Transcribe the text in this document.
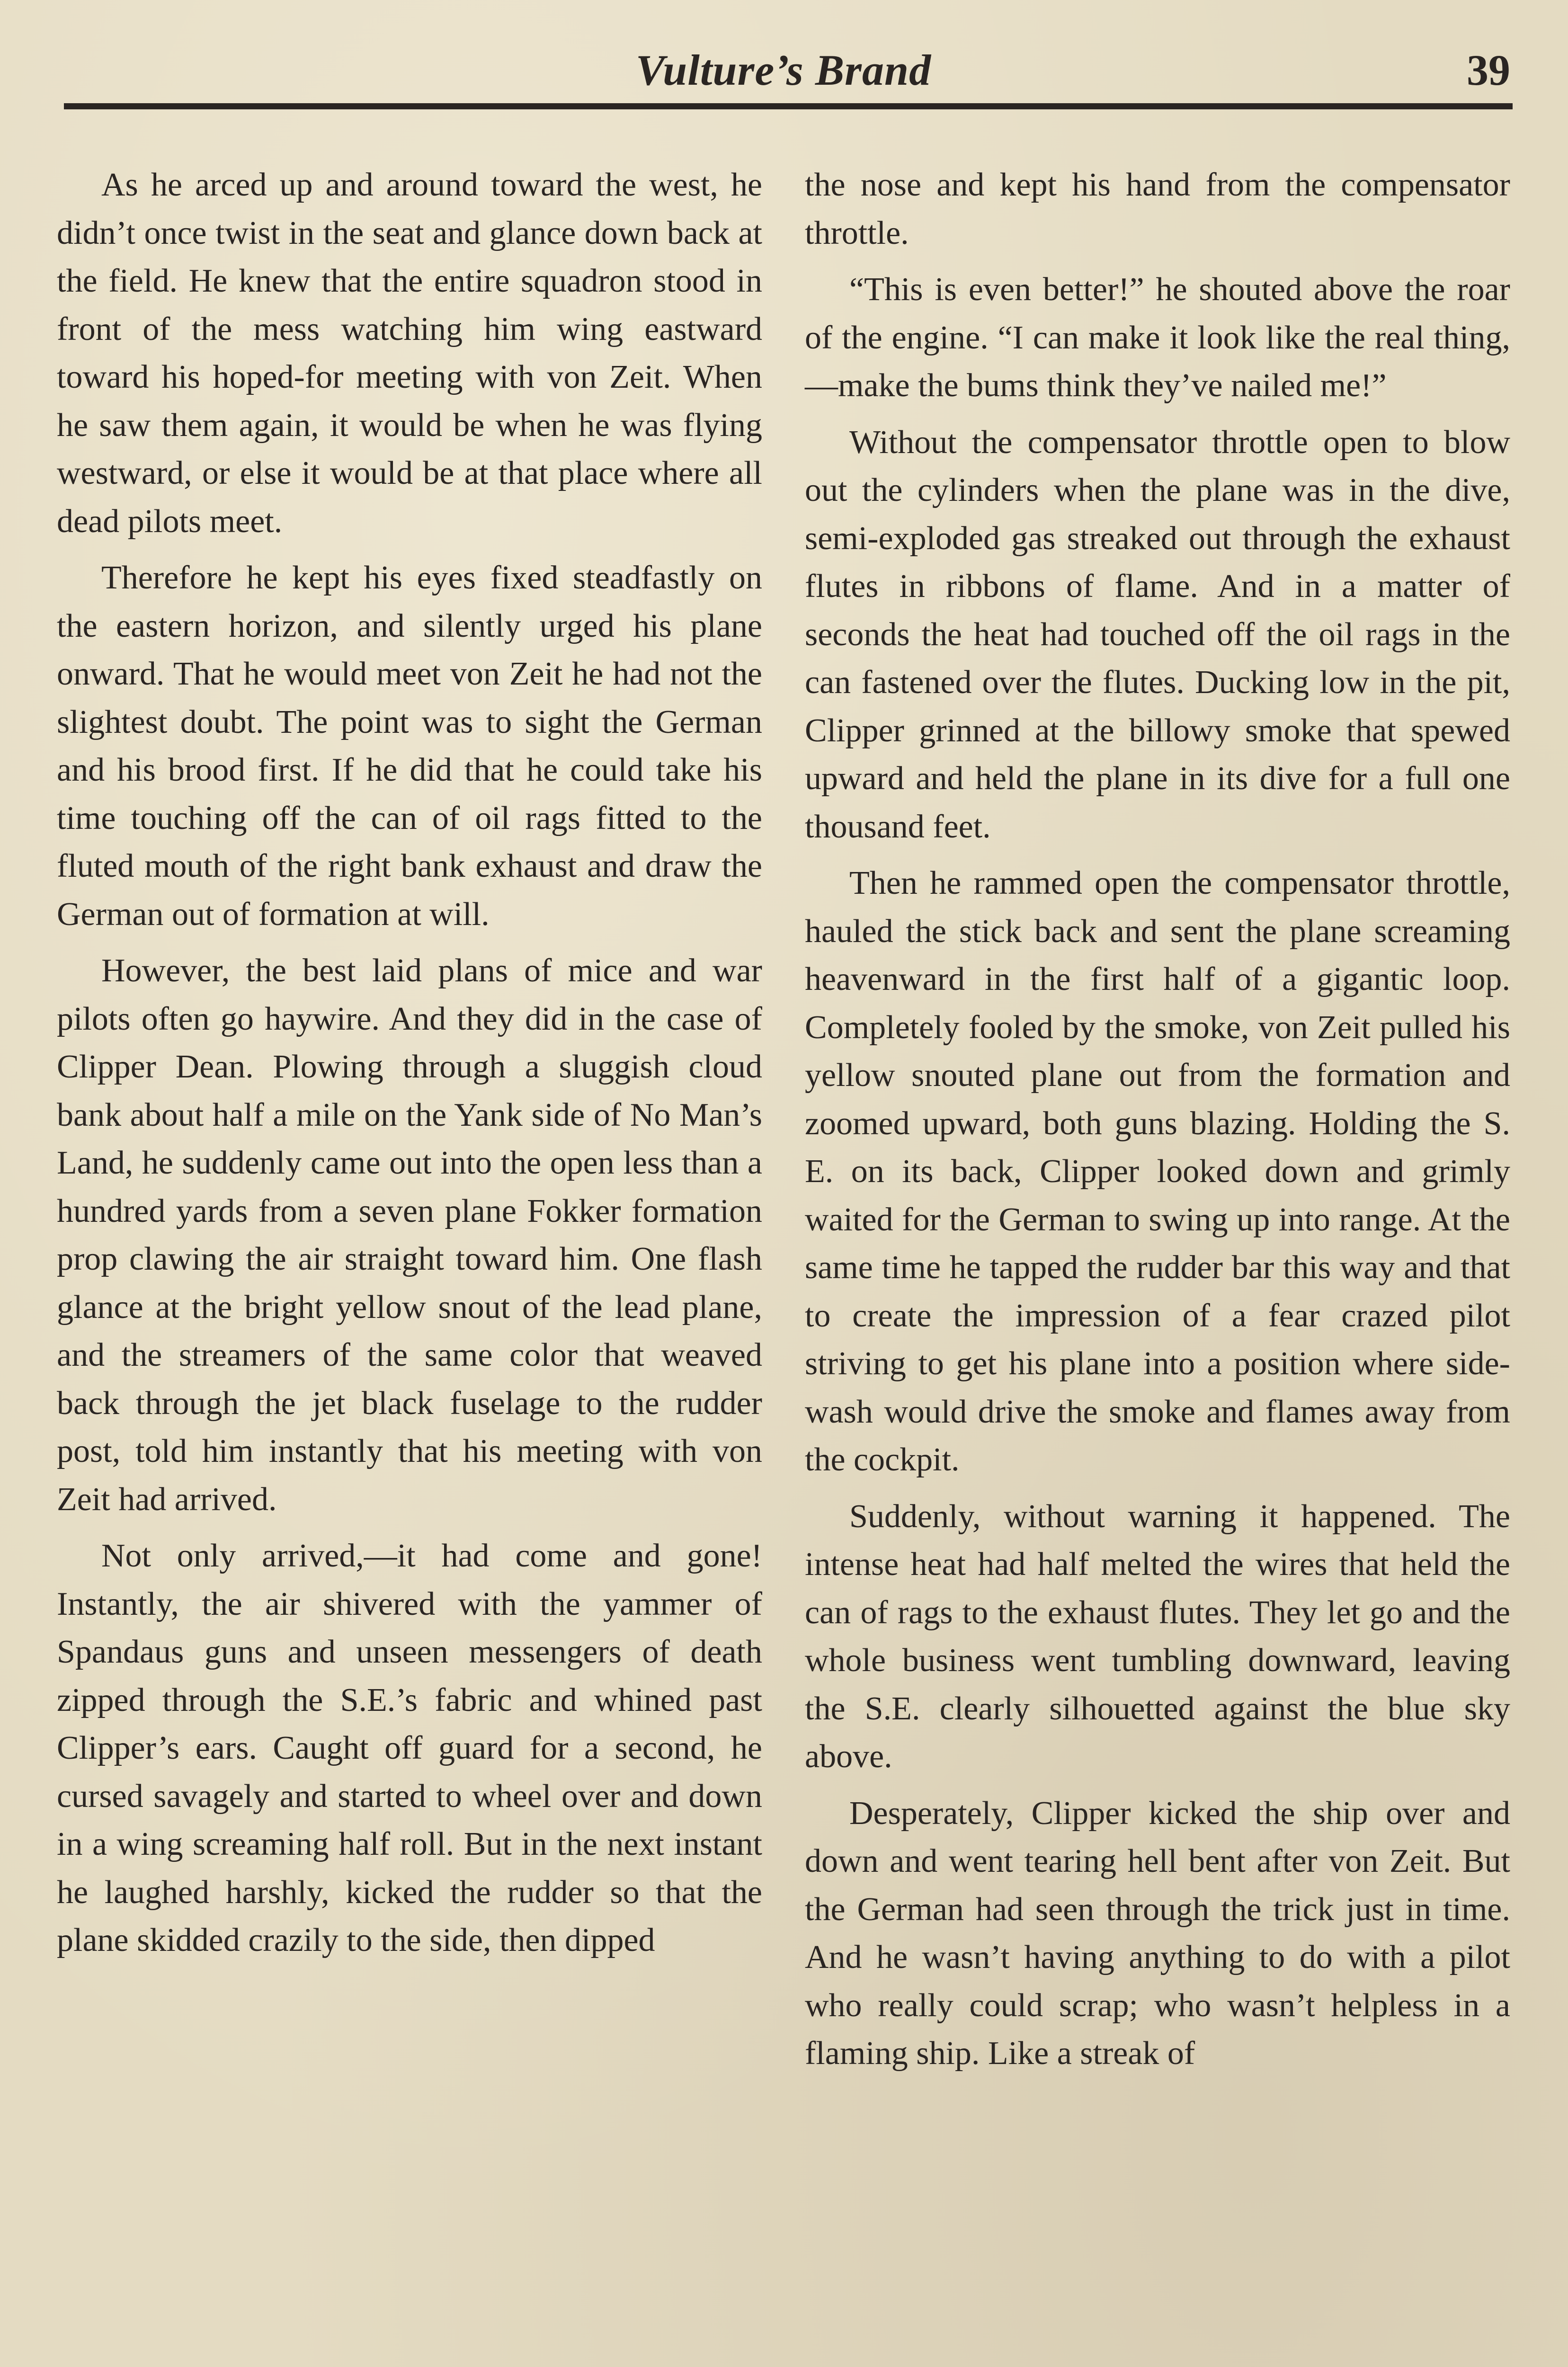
Vulture’s Brand	39

As he arced up and around toward the west, he didn’t once twist in the seat and glance down back at the field. He knew that the entire squadron stood in front of the mess watching him wing eastward toward his hoped-for meeting with von Zeit. When he saw them again, it would be when he was flying westward, or else it would be at that place where all dead pilots meet.

Therefore he kept his eyes fixed steadfastly on the eastern horizon, and silently urged his plane onward. That he would meet von Zeit he had not the slightest doubt. The point was to sight the German and his brood first. If he did that he could take his time touching off the can of oil rags fitted to the fluted mouth of the right bank exhaust and draw the German out of formation at will.

However, the best laid plans of mice and war pilots often go haywire. And they did in the case of Clipper Dean. Plowing through a sluggish cloud bank about half a mile on the Yank side of No Man’s Land, he suddenly came out into the open less than a hundred yards from a seven plane Fokker formation prop clawing the air straight toward him. One flash glance at the bright yellow snout of the lead plane, and the streamers of the same color that weaved back through the jet black fuselage to the rudder post, told him instantly that his meeting with von Zeit had arrived.

Not only arrived,—it had come and gone! Instantly, the air shivered with the yammer of Spandaus guns and unseen messengers of death zipped through the S.E.’s fabric and whined past Clipper’s ears. Caught off guard for a second, he cursed savagely and started to wheel over and down in a wing screaming half roll. But in the next instant he laughed harshly, kicked the rudder so that the plane skidded crazily to the side, then dipped

the nose and kept his hand from the compensator throttle.

“This is even better!” he shouted above the roar of the engine. “I can make it look like the real thing,—make the bums think they’ve nailed me!”

Without the compensator throttle open to blow out the cylinders when the plane was in the dive, semi-exploded gas streaked out through the exhaust flutes in ribbons of flame. And in a matter of seconds the heat had touched off the oil rags in the can fastened over the flutes. Ducking low in the pit, Clipper grinned at the billowy smoke that spewed upward and held the plane in its dive for a full one thousand feet.

Then he rammed open the compensator throttle, hauled the stick back and sent the plane screaming heavenward in the first half of a gigantic loop. Completely fooled by the smoke, von Zeit pulled his yellow snouted plane out from the formation and zoomed upward, both guns blazing. Holding the S. E. on its back, Clipper looked down and grimly waited for the German to swing up into range. At the same time he tapped the rudder bar this way and that to create the impression of a fear crazed pilot striving to get his plane into a position where side-wash would drive the smoke and flames away from the cockpit.

Suddenly, without warning it happened. The intense heat had half melted the wires that held the can of rags to the exhaust flutes. They let go and the whole business went tumbling downward, leaving the S.E. clearly silhouetted against the blue sky above.

Desperately, Clipper kicked the ship over and down and went tearing hell bent after von Zeit. But the German had seen through the trick just in time. And he wasn’t having anything to do with a pilot who really could scrap; who wasn’t helpless in a flaming ship. Like a streak of
